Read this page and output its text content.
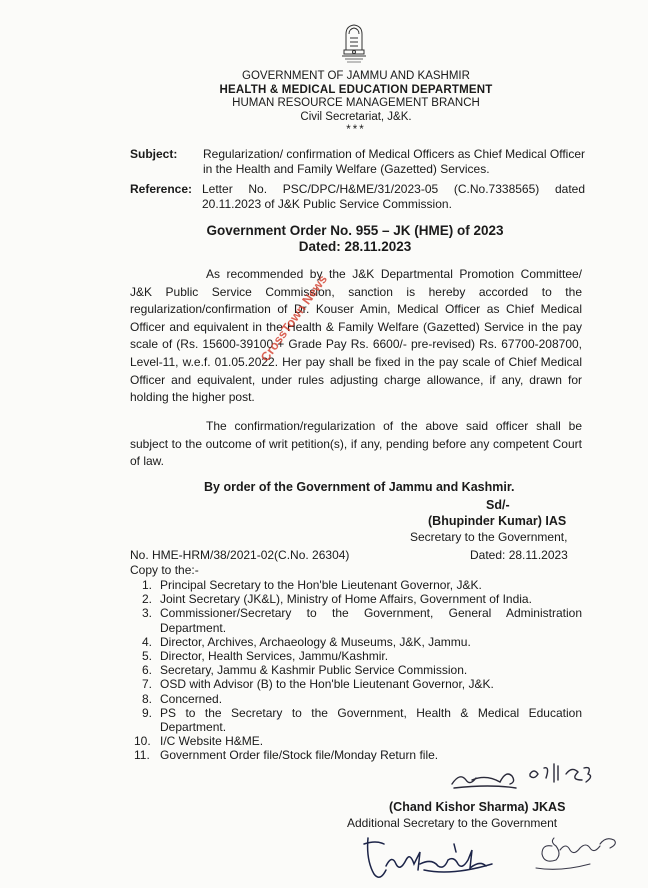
GOVERNMENT OF JAMMU AND KASHMIR
HEALTH & MEDICAL EDUCATION DEPARTMENT
HUMAN RESOURCE MANAGEMENT BRANCH
Civil Secretariat, J&K.
***
Subject: Regularization/ confirmation of Medical Officers as Chief Medical Officer in the Health and Family Welfare (Gazetted) Services.
Reference: Letter No. PSC/DPC/H&ME/31/2023-05 (C.No.7338565) dated 20.11.2023 of J&K Public Service Commission.
Government Order No. 955 – JK (HME) of 2023
Dated: 28.11.2023
As recommended by the J&K Departmental Promotion Committee/ J&K Public Service Commission, sanction is hereby accorded to the regularization/confirmation of Dr. Kouser Amin, Medical Officer as Chief Medical Officer and equivalent in the Health & Family Welfare (Gazetted) Service in the pay scale of (Rs. 15600-39100 + Grade Pay Rs. 6600/- pre-revised) Rs. 67700-208700, Level-11, w.e.f. 01.05.2022. Her pay shall be fixed in the pay scale of Chief Medical Officer and equivalent, under rules adjusting charge allowance, if any, drawn for holding the higher post.
The confirmation/regularization of the above said officer shall be subject to the outcome of writ petition(s), if any, pending before any competent Court of law.
CrossTown News
By order of the Government of Jammu and Kashmir.
Sd/-
(Bhupinder Kumar) IAS
Secretary to the Government,
No. HME-HRM/38/2021-02(C.No. 26304)	Dated: 28.11.2023
Copy to the:-
1. Principal Secretary to the Hon'ble Lieutenant Governor, J&K.
2. Joint Secretary (JK&L), Ministry of Home Affairs, Government of India.
3. Commissioner/Secretary to the Government, General Administration Department.
4. Director, Archives, Archaeology & Museums, J&K, Jammu.
5. Director, Health Services, Jammu/Kashmir.
6. Secretary, Jammu & Kashmir Public Service Commission.
7. OSD with Advisor (B) to the Hon'ble Lieutenant Governor, J&K.
8. Concerned.
9. PS to the Secretary to the Government, Health & Medical Education Department.
10. I/C Website H&ME.
11. Government Order file/Stock file/Monday Return file.
(Chand Kishor Sharma) JKAS
Additional Secretary to the Government
